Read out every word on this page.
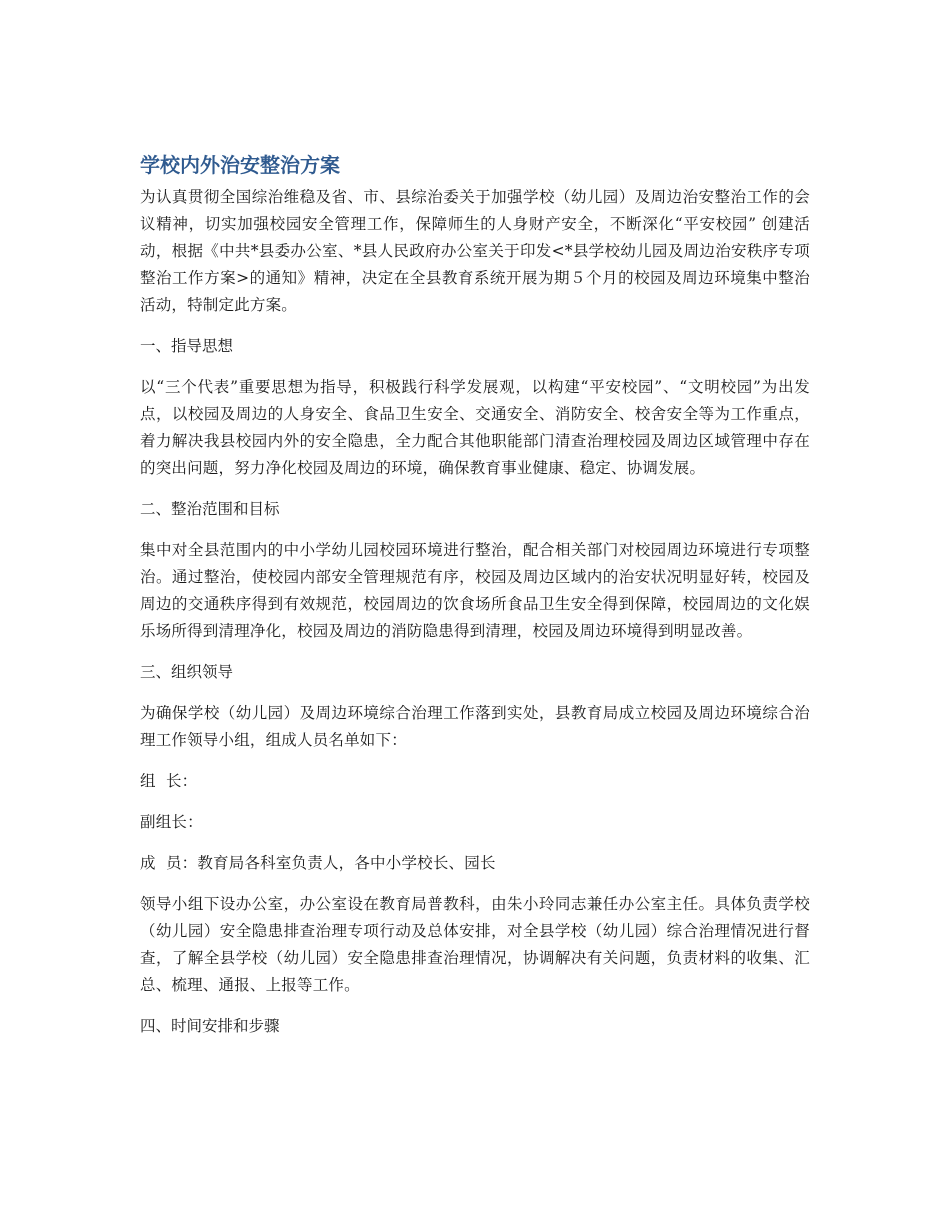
学校内外治安整治方案

为认真贯彻全国综治维稳及省、市、县综治委关于加强学校（幼儿园）及周边治安整治工作的会议精神，切实加强校园安全管理工作，保障师生的人身财产安全，不断深化“平安校园” 创建活动，根据《中共*县委办公室、*县人民政府办公室关于印发<*县学校幼儿园及周边治安秩序专项整治工作方案>的通知》精神，决定在全县教育系统开展为期５个月的校园及周边环境集中整治活动，特制定此方案。

一、指导思想

以“三个代表”重要思想为指导，积极践行科学发展观，以构建“平安校园”、“文明校园”为出发点，以校园及周边的人身安全、食品卫生安全、交通安全、消防安全、校舍安全等为工作重点，着力解决我县校园内外的安全隐患，全力配合其他职能部门清查治理校园及周边区域管理中存在的突出问题，努力净化校园及周边的环境，确保教育事业健康、稳定、协调发展。

二、整治范围和目标

集中对全县范围内的中小学幼儿园校园环境进行整治，配合相关部门对校园周边环境进行专项整治。通过整治，使校园内部安全管理规范有序，校园及周边区域内的治安状况明显好转，校园及周边的交通秩序得到有效规范，校园周边的饮食场所食品卫生安全得到保障，校园周边的文化娱乐场所得到清理净化，校园及周边的消防隐患得到清理，校园及周边环境得到明显改善。

三、组织领导

为确保学校（幼儿园）及周边环境综合治理工作落到实处，县教育局成立校园及周边环境综合治理工作领导小组，组成人员名单如下：

组  长：

副组长：

成  员：教育局各科室负责人，各中小学校长、园长

领导小组下设办公室，办公室设在教育局普教科，由朱小玲同志兼任办公室主任。具体负责学校（幼儿园）安全隐患排查治理专项行动及总体安排，对全县学校（幼儿园）综合治理情况进行督查，了解全县学校（幼儿园）安全隐患排查治理情况，协调解决有关问题，负责材料的收集、汇总、梳理、通报、上报等工作。

四、时间安排和步骤
